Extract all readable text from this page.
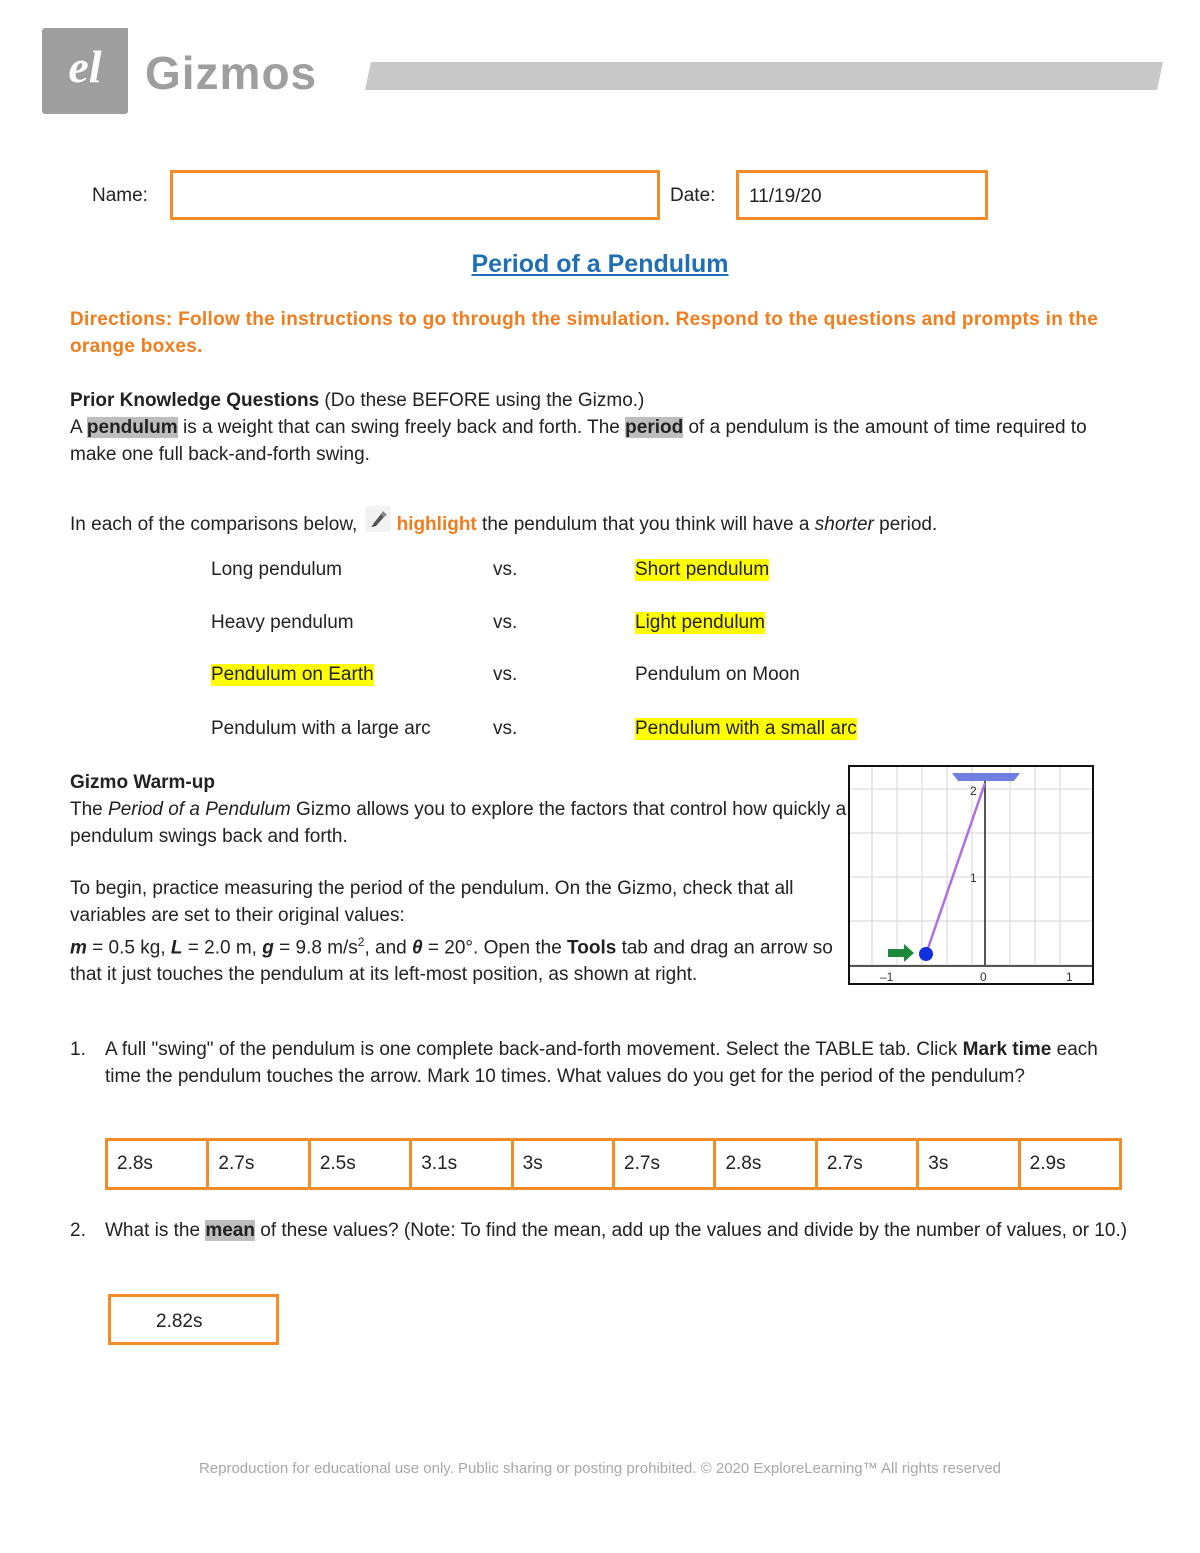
el Gizmos
Name:	Date: 11/19/20
Period of a Pendulum
Directions: Follow the instructions to go through the simulation. Respond to the questions and prompts in the orange boxes.
Prior Knowledge Questions (Do these BEFORE using the Gizmo.)
A pendulum is a weight that can swing freely back and forth. The period of a pendulum is the amount of time required to make one full back-and-forth swing.
In each of the comparisons below,
highlight the pendulum that you think will have a shorter period.
Long pendulum	vs.	Short pendulum
Heavy pendulum	vs.	Light pendulum
Pendulum on Earth	vs.	Pendulum on Moon
Pendulum with a large arc	vs.	Pendulum with a small arc
Gizmo Warm-up
The Period of a Pendulum Gizmo allows you to explore the factors that control how quickly a pendulum swings back and forth.
To begin, practice measuring the period of the pendulum. On the Gizmo, check that all variables are set to their original values:
m = 0.5 kg, L = 2.0 m, g = 9.8 $m/s^2$, and θ = 20°. Open the Tools tab and drag an arrow so that it just touches the pendulum at its left-most position, as shown at right.
2
1
–1	0	1
1. A full "swing" of the pendulum is one complete back-and-forth movement. Select the TABLE tab. Click Mark time each time the pendulum touches the arrow. Mark 10 times. What values do you get for the period of the pendulum?
2.8s	2.7s	2.5s	3.1s	3s	2.7s	2.8s	2.7s	3s	2.9s
2. What is the mean of these values? (Note: To find the mean, add up the values and divide by the number of values, or 10.)
2.82s
Reproduction for educational use only. Public sharing or posting prohibited. © 2020 ExploreLearning™ All rights reserved
